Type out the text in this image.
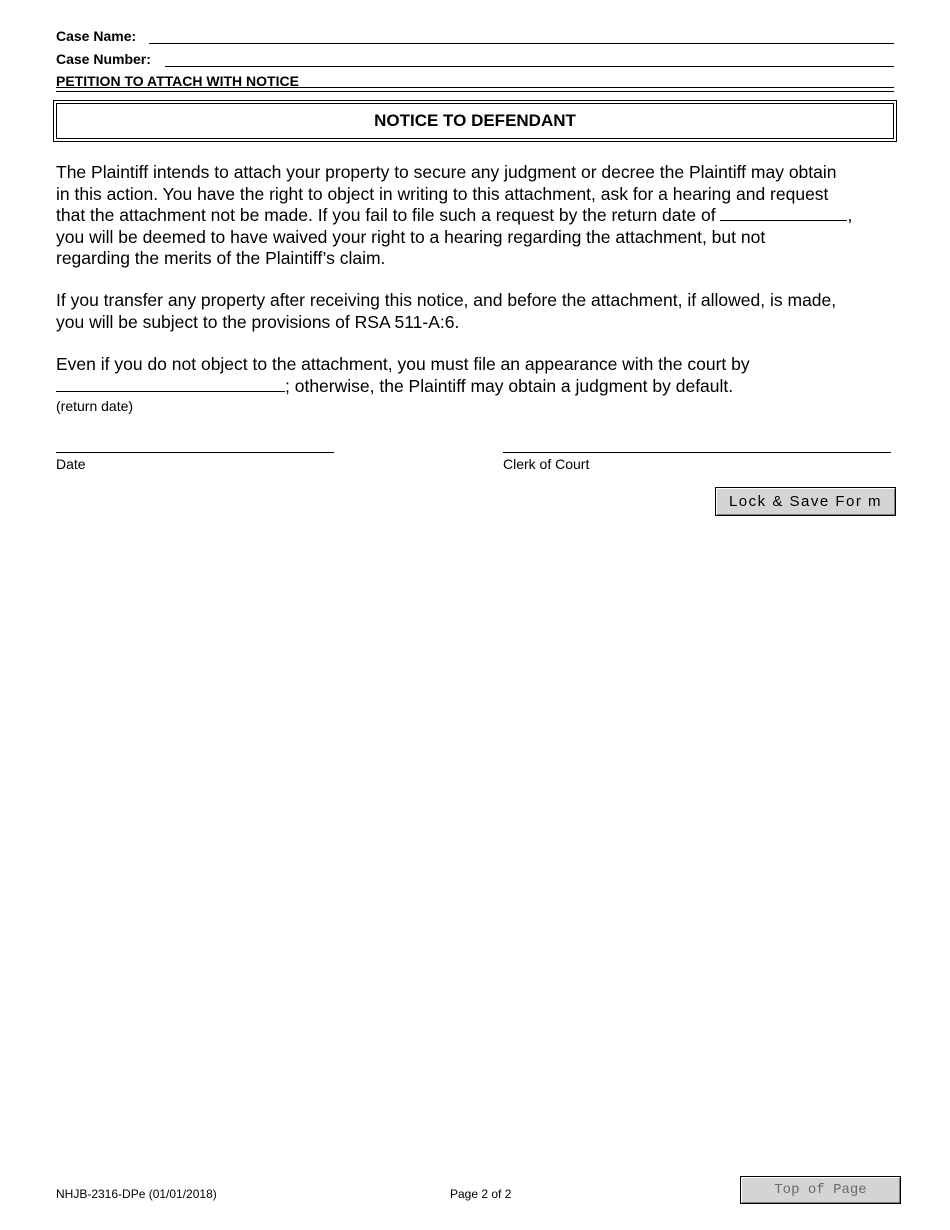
Case Name:
Case Number:
PETITION TO ATTACH WITH NOTICE
NOTICE TO DEFENDANT
The Plaintiff intends to attach your property to secure any judgment or decree the Plaintiff may obtain
in this action. You have the right to object in writing to this attachment, ask for a hearing and request
that the attachment not be made. If you fail to file such a request by the return date of	,
you will be deemed to have waived your right to a hearing regarding the attachment, but not
regarding the merits of the Plaintiff’s claim.
If you transfer any property after receiving this notice, and before the attachment, if allowed, is made,
you will be subject to the provisions of RSA 511-A:6.
Even if you do not object to the attachment, you must file an appearance with the court by
; otherwise, the Plaintiff may obtain a judgment by default.
(return date)
Date	Clerk of Court
Lock & Save For m
NHJB-2316-DPe (01/01/2018)	Page 2 of 2	Top of Page
